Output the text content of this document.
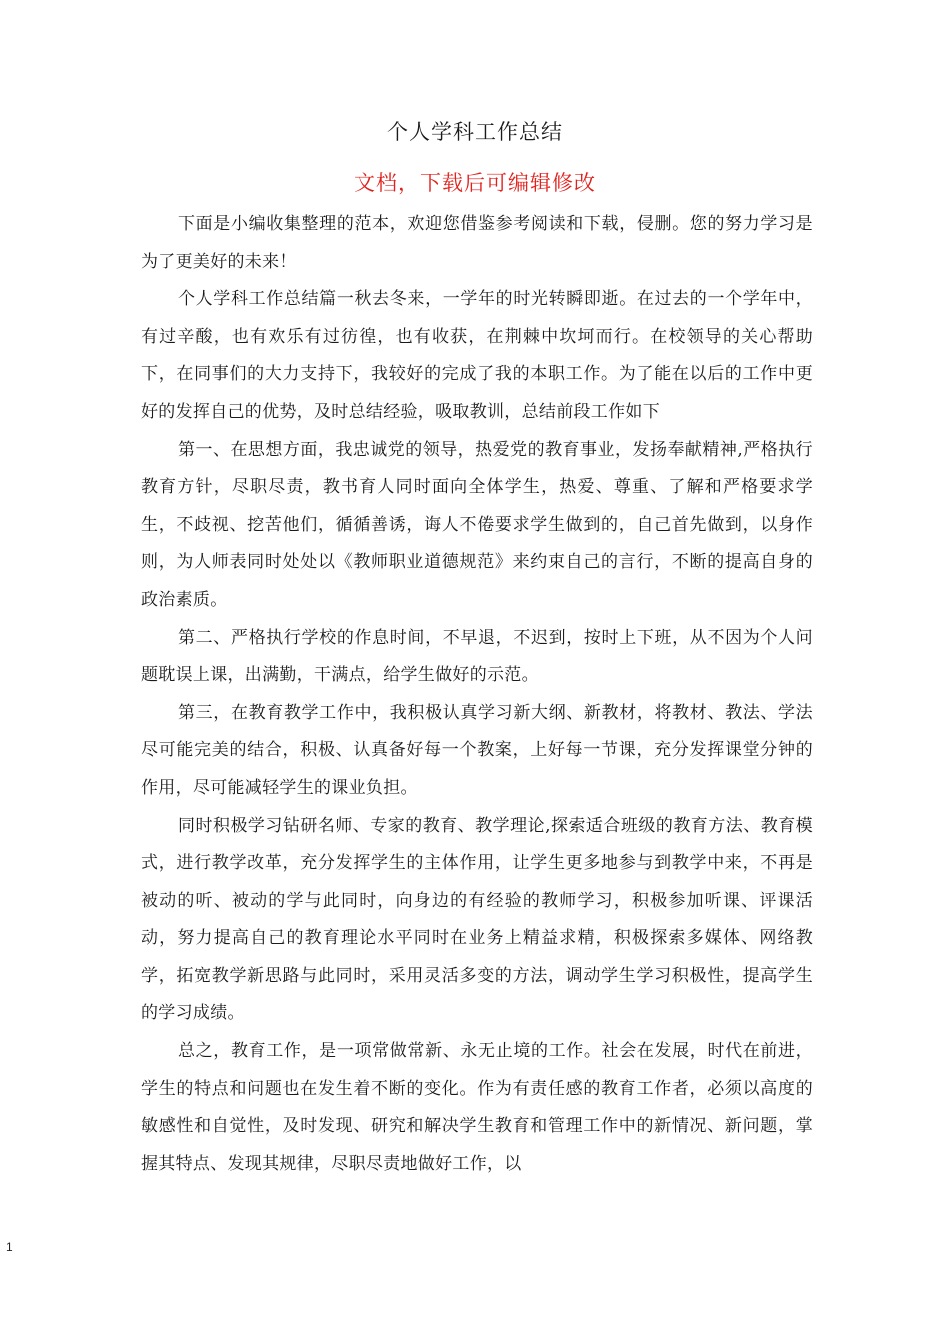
个人学科工作总结
文档，下载后可编辑修改

下面是小编收集整理的范本，欢迎您借鉴参考阅读和下载，侵删。您的努力学习是为了更美好的未来！

个人学科工作总结篇一秋去冬来，一学年的时光转瞬即逝。在过去的一个学年中，有过辛酸，也有欢乐有过彷徨，也有收获，在荆棘中坎坷而行。在校领导的关心帮助下，在同事们的大力支持下，我较好的完成了我的本职工作。为了能在以后的工作中更好的发挥自己的优势，及时总结经验，吸取教训，总结前段工作如下

第一、在思想方面，我忠诚党的领导，热爱党的教育事业，发扬奉献精神,严格执行教育方针，尽职尽责，教书育人同时面向全体学生，热爱、尊重、了解和严格要求学生，不歧视、挖苦他们，循循善诱，诲人不倦要求学生做到的，自己首先做到，以身作则，为人师表同时处处以《教师职业道德规范》来约束自己的言行，不断的提高自身的政治素质。

第二、严格执行学校的作息时间，不早退，不迟到，按时上下班，从不因为个人问题耽误上课，出满勤，干满点，给学生做好的示范。

第三，在教育教学工作中，我积极认真学习新大纲、新教材，将教材、教法、学法尽可能完美的结合，积极、认真备好每一个教案，上好每一节课，充分发挥课堂分钟的作用，尽可能减轻学生的课业负担。

同时积极学习钻研名师、专家的教育、教学理论,探索适合班级的教育方法、教育模式，进行教学改革，充分发挥学生的主体作用，让学生更多地参与到教学中来，不再是被动的听、被动的学与此同时，向身边的有经验的教师学习，积极参加听课、评课活动，努力提高自己的教育理论水平同时在业务上精益求精，积极探索多媒体、网络教学，拓宽教学新思路与此同时，采用灵活多变的方法，调动学生学习积极性，提高学生的学习成绩。

总之，教育工作，是一项常做常新、永无止境的工作。社会在发展，时代在前进，学生的特点和问题也在发生着不断的变化。作为有责任感的教育工作者，必须以高度的敏感性和自觉性，及时发现、研究和解决学生教育和管理工作中的新情况、新问题，掌握其特点、发现其规律，尽职尽责地做好工作，以

1
